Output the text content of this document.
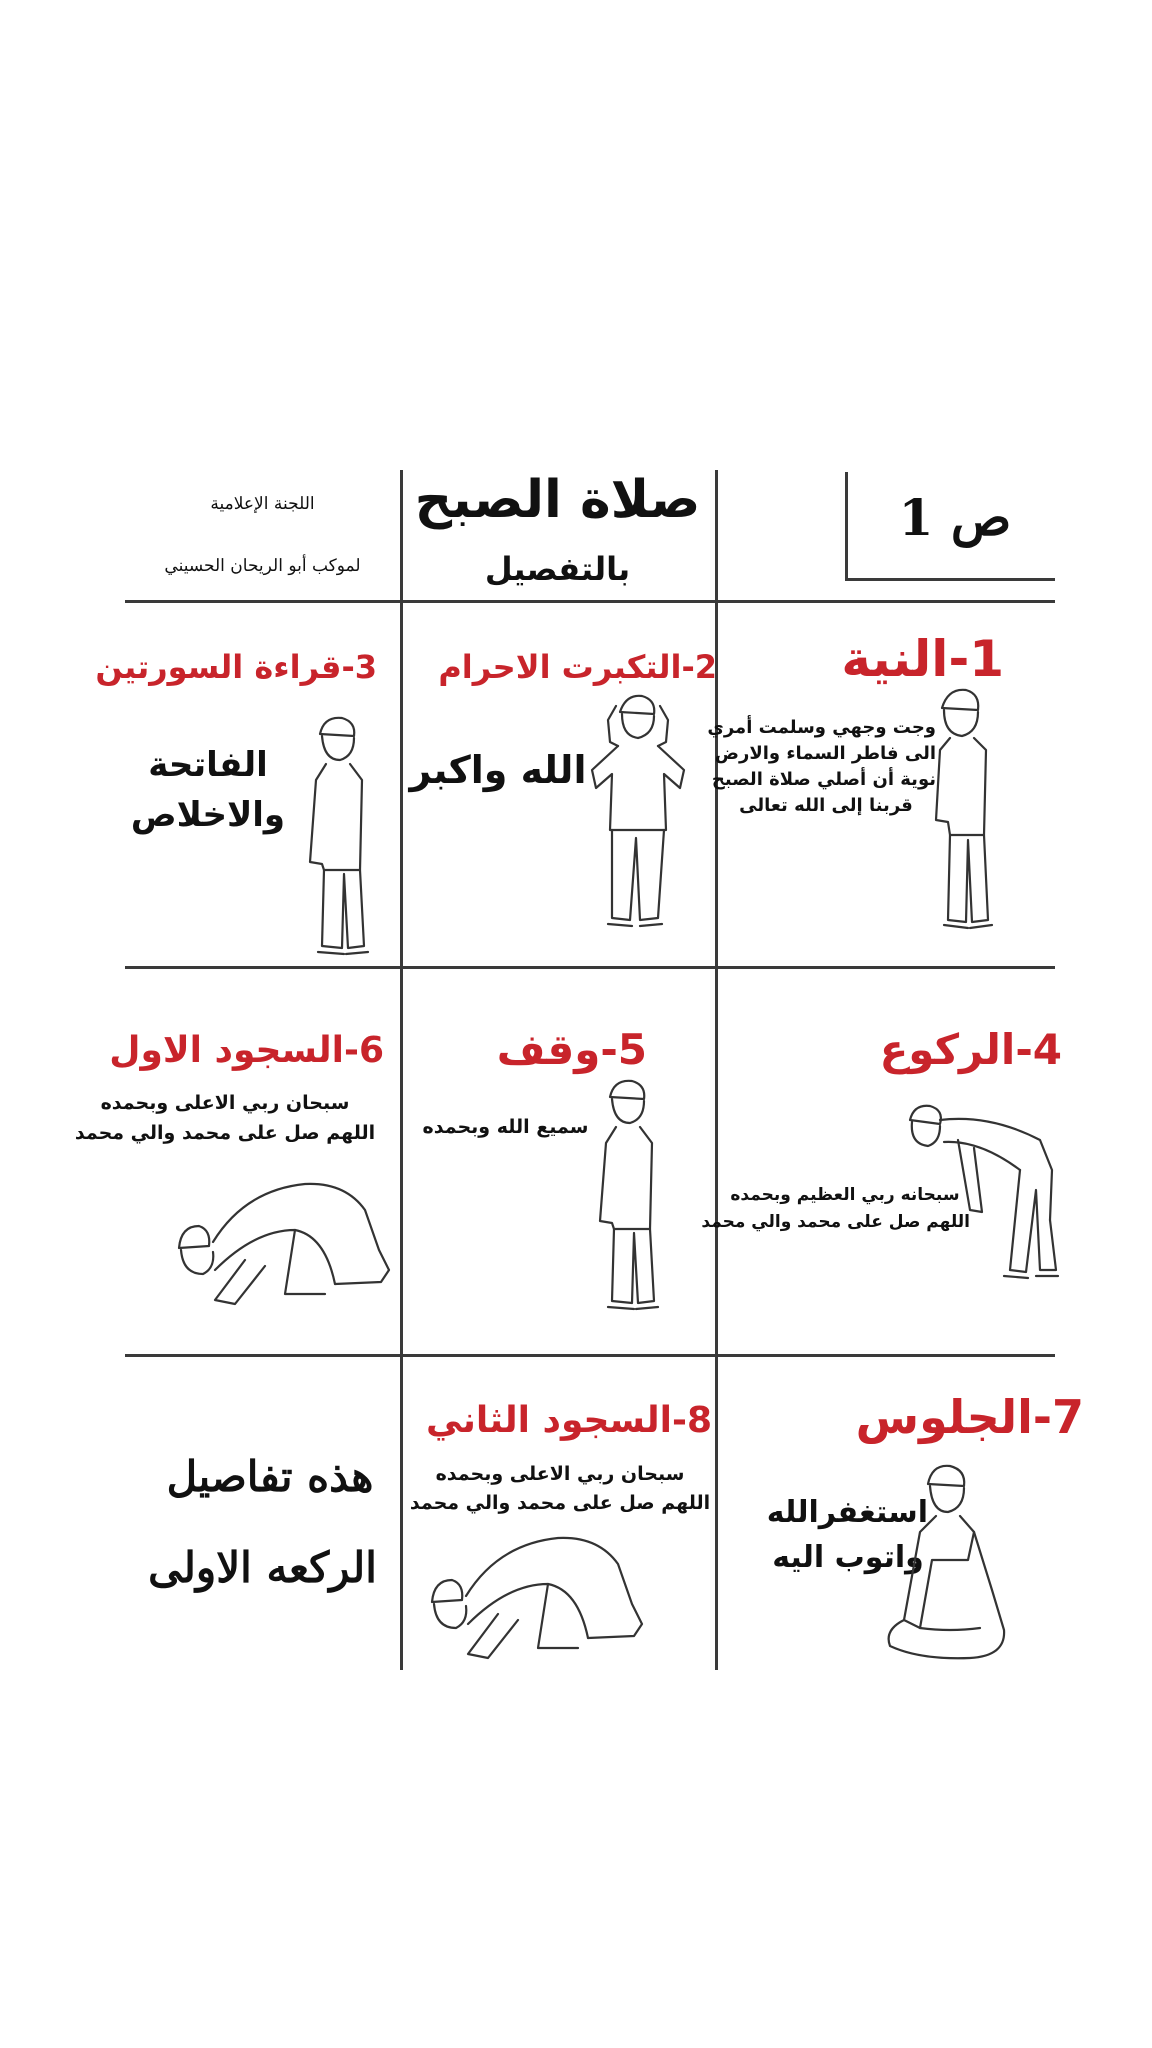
ص 1
صلاة الصبح
بالتفصيل
اللجنة الإعلامية
لموكب أبو الريحان الحسيني
1-النية
وجت وجهي وسلمت أمري
الى فاطر السماء والارض
نوية أن أصلي صلاة الصبح
قربنا إلى الله تعالى
2-التكبرت الاحرام
الله واكبر
3-قراءة السورتين
الفاتحة
والاخلاص
4-الركوع
سبحانه ربي العظيم وبحمده
اللهم صل على محمد والي محمد
5-وقف
سميع الله وبحمده
6-السجود الاول
سبحان ربي الاعلى وبحمده
اللهم صل على محمد والي محمد
7-الجلوس
استغفرالله
واتوب اليه
8-السجود الثاني
سبحان ربي الاعلى وبحمده
اللهم صل على محمد والي محمد
هذه تفاصيل
الركعه الاولى
